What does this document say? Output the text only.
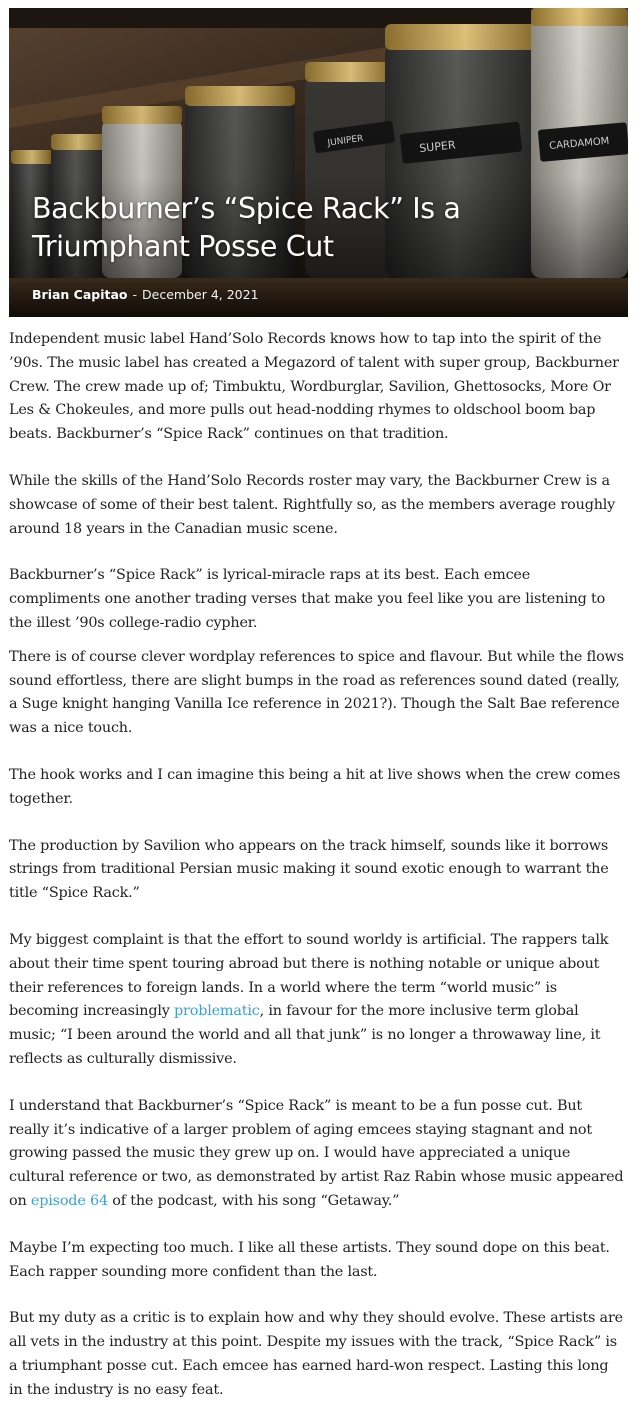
Backburner’s “Spice Rack” Is a Triumphant Posse Cut
Brian Capitao - December 4, 2021

Independent music label Hand’Solo Records knows how to tap into the spirit of the ’90s. The music label has created a Megazord of talent with super group, Backburner Crew. The crew made up of; Timbuktu, Wordburglar, Savilion, Ghettosocks, More Or Les & Chokeules, and more pulls out head-nodding rhymes to oldschool boom bap beats. Backburner’s “Spice Rack” continues on that tradition.

While the skills of the Hand’Solo Records roster may vary, the Backburner Crew is a showcase of some of their best talent. Rightfully so, as the members average roughly around 18 years in the Canadian music scene.

Backburner’s “Spice Rack” is lyrical-miracle raps at its best. Each emcee compliments one another trading verses that make you feel like you are listening to the illest ’90s college-radio cypher.

There is of course clever wordplay references to spice and flavour. But while the flows sound effortless, there are slight bumps in the road as references sound dated (really, a Suge knight hanging Vanilla Ice reference in 2021?). Though the Salt Bae reference was a nice touch.

The hook works and I can imagine this being a hit at live shows when the crew comes together.

The production by Savilion who appears on the track himself, sounds like it borrows strings from traditional Persian music making it sound exotic enough to warrant the title “Spice Rack.”

My biggest complaint is that the effort to sound worldy is artificial. The rappers talk about their time spent touring abroad but there is nothing notable or unique about their references to foreign lands. In a world where the term “world music” is becoming increasingly problematic, in favour for the more inclusive term global music; “I been around the world and all that junk” is no longer a throwaway line, it reflects as culturally dismissive.

I understand that Backburner’s “Spice Rack” is meant to be a fun posse cut. But really it’s indicative of a larger problem of aging emcees staying stagnant and not growing passed the music they grew up on. I would have appreciated a unique cultural reference or two, as demonstrated by artist Raz Rabin whose music appeared on episode 64 of the podcast, with his song “Getaway.”

Maybe I’m expecting too much. I like all these artists. They sound dope on this beat. Each rapper sounding more confident than the last.

But my duty as a critic is to explain how and why they should evolve. These artists are all vets in the industry at this point. Despite my issues with the track, “Spice Rack” is a triumphant posse cut. Each emcee has earned hard-won respect. Lasting this long in the industry is no easy feat.
